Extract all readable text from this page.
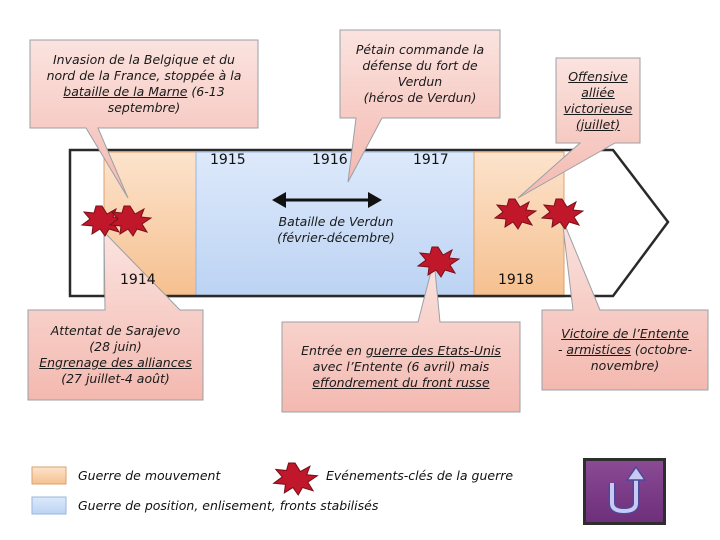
1914
1915	1916	1917
1918
Bataille de Verdun
(février-décembre)
Invasion de la Belgique et du
nord de la France, stoppée à la
bataille de la Marne (6-13
septembre)
Pétain commande la
défense du fort de
Verdun
(héros de Verdun)
Offensive
alliée
victorieuse
(juillet)
Attentat de Sarajevo
(28 juin)
Engrenage des alliances
(27 juillet-4 août)
Entrée en guerre des Etats-Unis
avec l’Entente (6 avril) mais
effondrement du front russe
Victoire de l’Entente
- armistices (octobre-
novembre)
Guerre de mouvement
Guerre de position, enlisement, fronts stabilisés
Evénements-clés de la guerre
